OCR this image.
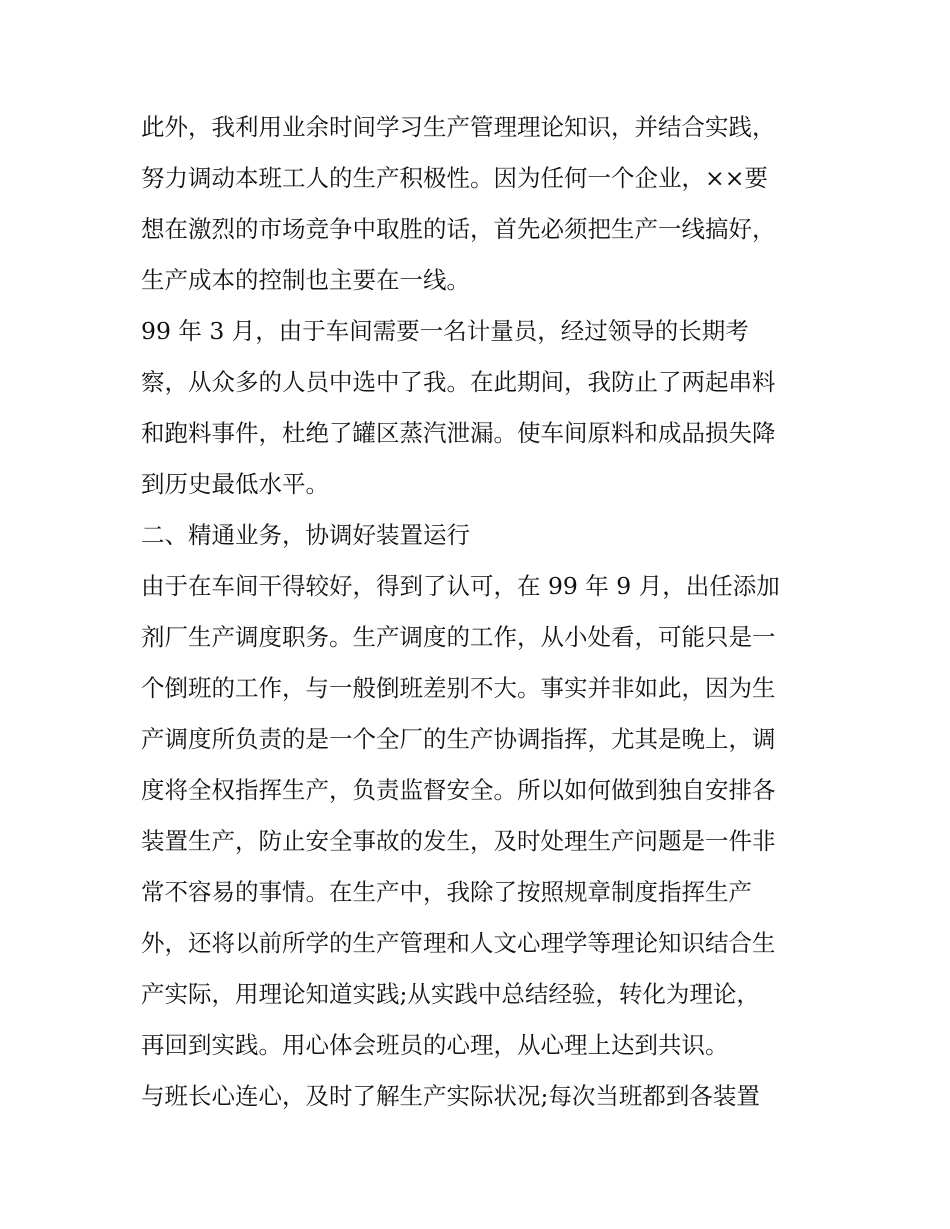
此外，我利用业余时间学习生产管理理论知识，并结合实践，
努力调动本班工人的生产积极性。因为任何一个企业，××要
想在激烈的市场竞争中取胜的话，首先必须把生产一线搞好，
生产成本的控制也主要在一线。
99 年 3 月，由于车间需要一名计量员，经过领导的长期考
察，从众多的人员中选中了我。在此期间，我防止了两起串料
和跑料事件，杜绝了罐区蒸汽泄漏。使车间原料和成品损失降
到历史最低水平。
二、精通业务，协调好装置运行
由于在车间干得较好，得到了认可，在 99 年 9 月，出任添加
剂厂生产调度职务。生产调度的工作，从小处看，可能只是一
个倒班的工作，与一般倒班差别不大。事实并非如此，因为生
产调度所负责的是一个全厂的生产协调指挥，尤其是晚上，调
度将全权指挥生产，负责监督安全。所以如何做到独自安排各
装置生产，防止安全事故的发生，及时处理生产问题是一件非
常不容易的事情。在生产中，我除了按照规章制度指挥生产
外，还将以前所学的生产管理和人文心理学等理论知识结合生
产实际，用理论知道实践;从实践中总结经验，转化为理论，
再回到实践。用心体会班员的心理，从心理上达到共识。
与班长心连心，及时了解生产实际状况;每次当班都到各装置
